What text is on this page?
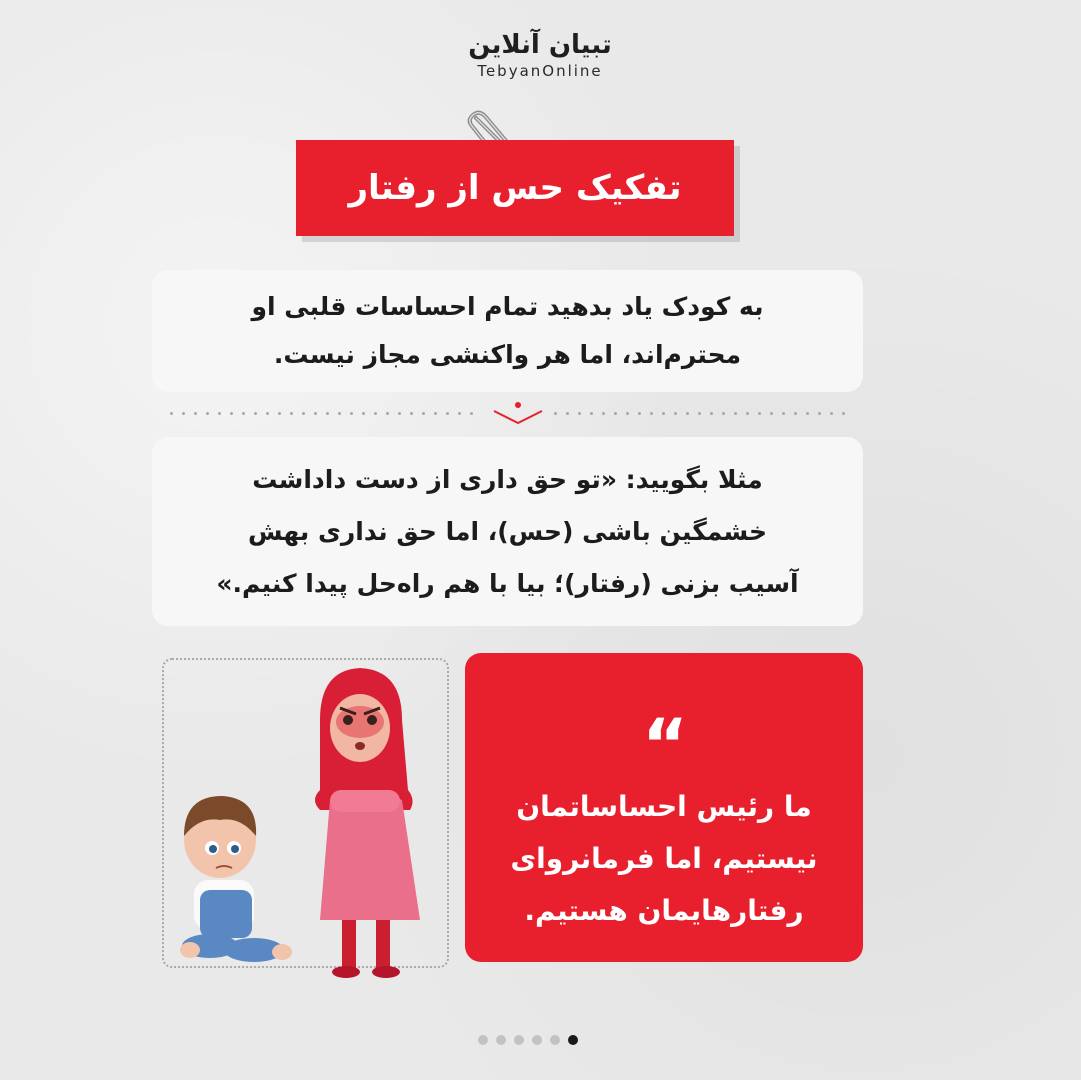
تبیان آنلاین
TebyanOnline
تفکیک حس از رفتار
به کودک یاد بدهید تمام احساسات قلبی او
محترم‌اند، اما هر واکنشی مجاز نیست.
مثلا بگویید: «تو حق داری از دست داداشت
خشمگین باشی (حس)، اما حق نداری بهش
آسیب بزنی (رفتار)؛ بیا با هم راه‌حل پیدا کنیم.»
“
ما رئیس احساساتمان
نیستیم، اما فرمانروای
رفتارهایمان هستیم.
